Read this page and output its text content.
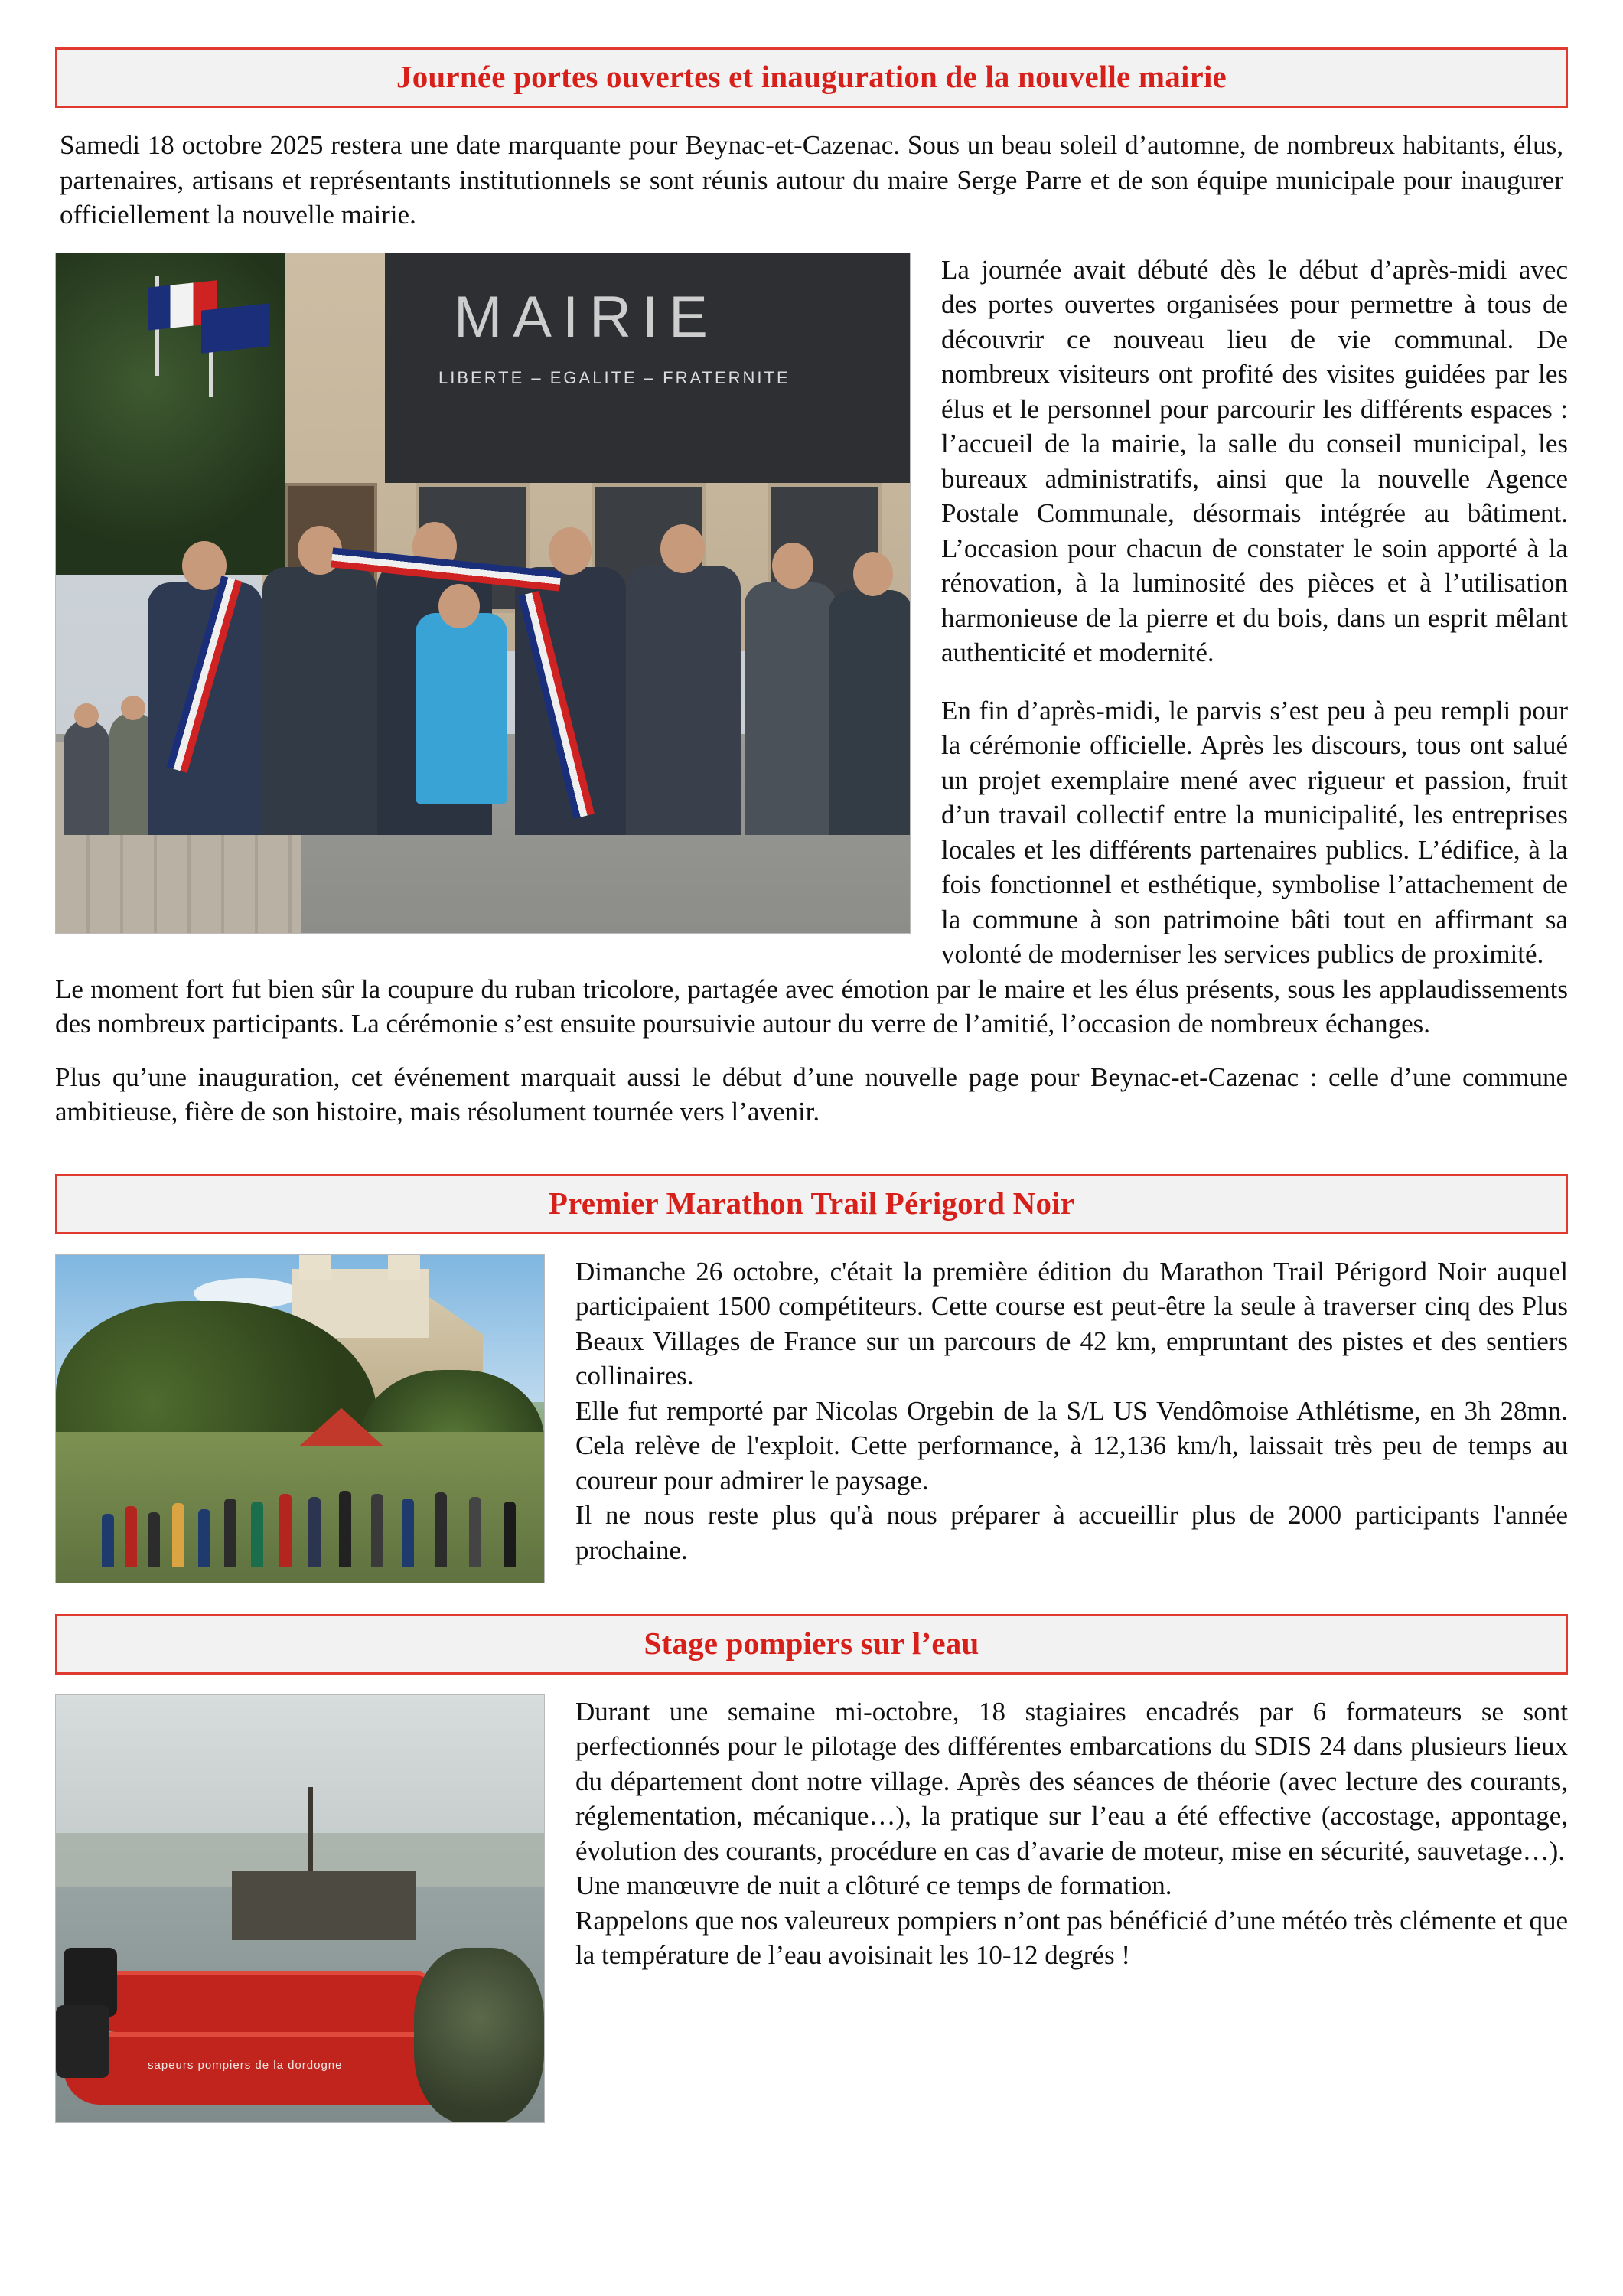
Journée portes ouvertes et inauguration de la nouvelle mairie

Samedi 18 octobre 2025 restera une date marquante pour Beynac-et-Cazenac. Sous un beau soleil d’automne, de nombreux habitants, élus, partenaires, artisans et représentants institutionnels se sont réunis autour du maire Serge Parre et de son équipe municipale pour inaugurer officiellement la nouvelle mairie.

MAIRIE
LIBERTE – EGALITE – FRATERNITE

La journée avait débuté dès le début d’après-midi avec des portes ouvertes organisées pour permettre à tous de découvrir ce nouveau lieu de vie communal. De nombreux visiteurs ont profité des visites guidées par les élus et le personnel pour parcourir les différents espaces : l’accueil de la mairie, la salle du conseil municipal, les bureaux administratifs, ainsi que la nouvelle Agence Postale Communale, désormais intégrée au bâtiment. L’occasion pour chacun de constater le soin apporté à la rénovation, à la luminosité des pièces et à l’utilisation harmonieuse de la pierre et du bois, dans un esprit mêlant authenticité et modernité.

En fin d’après-midi, le parvis s’est peu à peu rempli pour la cérémonie officielle. Après les discours, tous ont salué un projet exemplaire mené avec rigueur et passion, fruit d’un travail collectif entre la municipalité, les entreprises locales et les différents partenaires publics. L’édifice, à la fois fonctionnel et esthétique, symbolise l’attachement de la commune à son patrimoine bâti tout en affirmant sa volonté de moderniser les services publics de proximité.

Le moment fort fut bien sûr la coupure du ruban tricolore, partagée avec émotion par le maire et les élus présents, sous les applaudissements des nombreux participants. La cérémonie s’est ensuite poursuivie autour du verre de l’amitié, l’occasion de nombreux échanges.

Plus qu’une inauguration, cet événement marquait aussi le début d’une nouvelle page pour Beynac-et-Cazenac : celle d’une commune ambitieuse, fière de son histoire, mais résolument tournée vers l’avenir.

Premier Marathon Trail Périgord Noir

Dimanche 26 octobre, c'était la première édition du Marathon Trail Périgord Noir auquel participaient 1500 compétiteurs. Cette course est peut-être la seule à traverser cinq des Plus Beaux Villages de France sur un parcours de 42 km, empruntant des pistes et des sentiers collinaires.

Elle fut remporté par Nicolas Orgebin de la S/L US Vendômoise Athlétisme, en 3h 28mn. Cela relève de l'exploit. Cette performance, à 12,136 km/h, laissait très peu de temps au coureur pour admirer le paysage.

Il ne nous reste plus qu'à nous préparer à accueillir plus de 2000 participants l'année prochaine.

Stage pompiers sur l’eau
sapeurs pompiers de la dordogne

Durant une semaine mi-octobre, 18 stagiaires encadrés par 6 formateurs se sont perfectionnés pour le pilotage des différentes embarcations du SDIS 24 dans plusieurs lieux du département dont notre village. Après des séances de théorie (avec lecture des courants, réglementation, mécanique…), la pratique sur l’eau a été effective (accostage, appontage, évolution des courants, procédure en cas d’avarie de moteur, mise en sécurité, sauvetage…).

Une manœuvre de nuit a clôturé ce temps de formation.

Rappelons que nos valeureux pompiers n’ont pas bénéficié d’une météo très clémente et que la température de l’eau avoisinait les 10-12 degrés !
